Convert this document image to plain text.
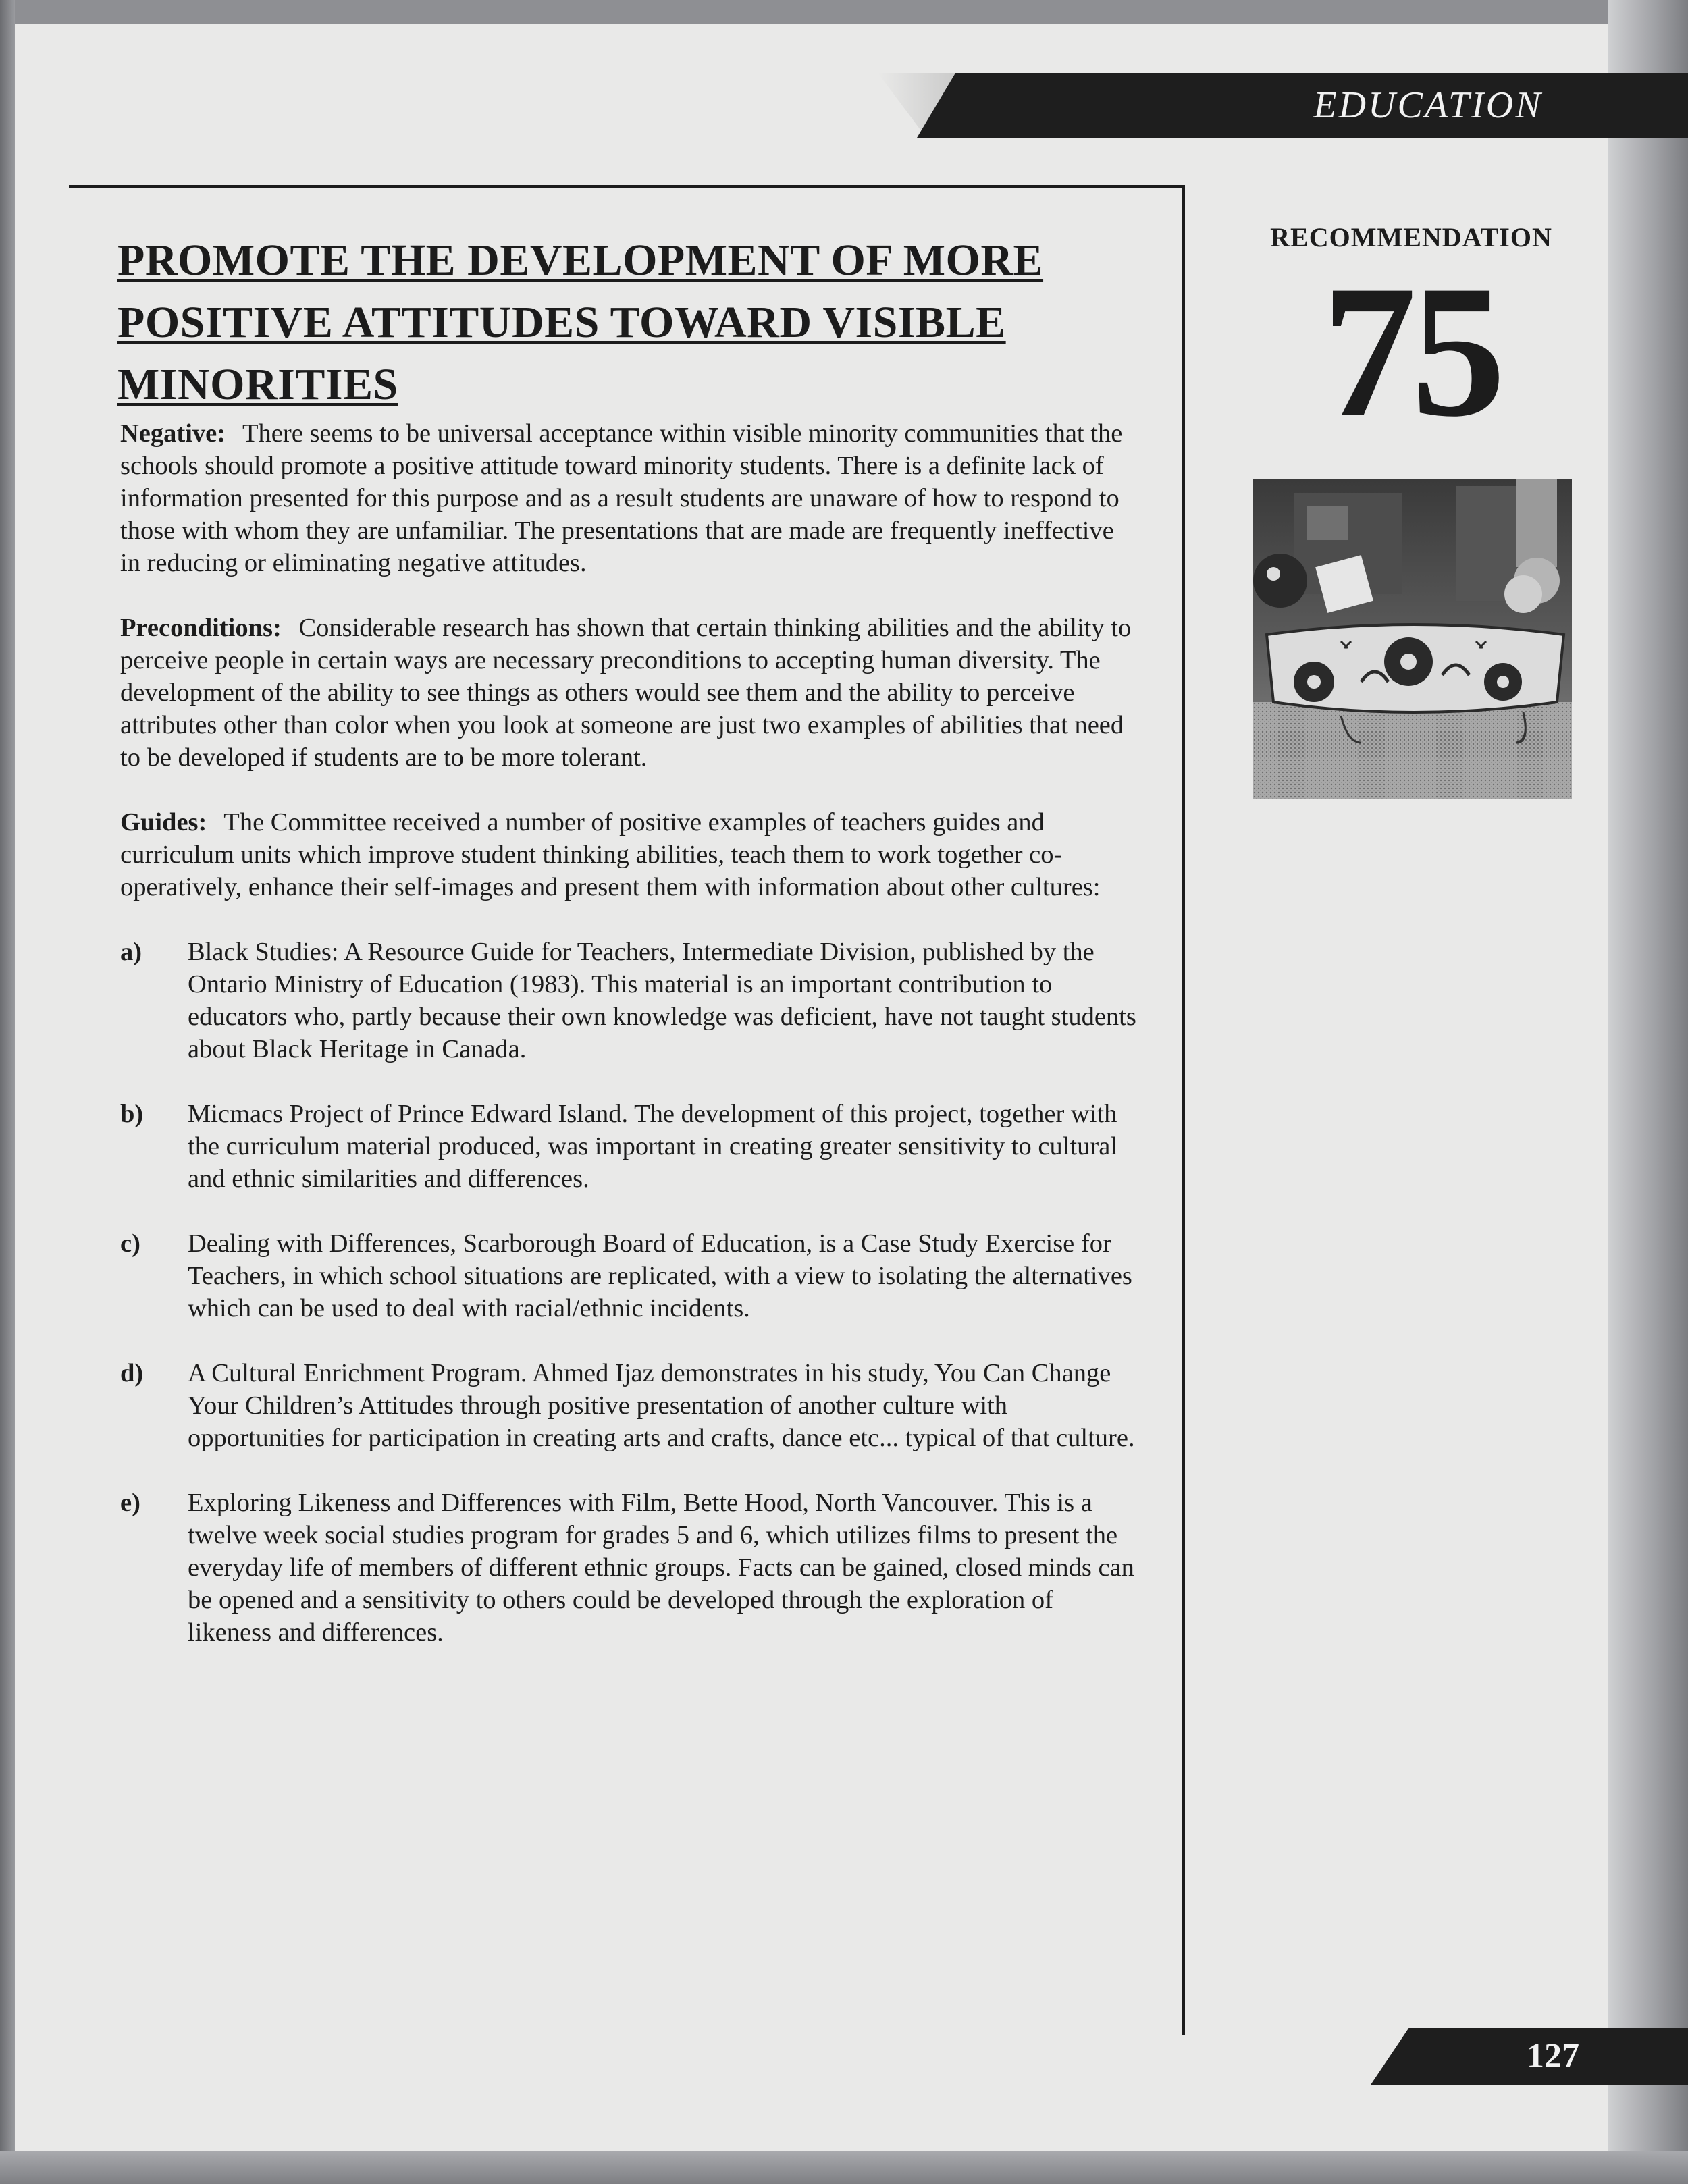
EDUCATION
PROMOTE THE DEVELOPMENT OF MORE
POSITIVE ATTITUDES TOWARD VISIBLE
MINORITIES

Negative: There seems to be universal acceptance within visible minority communities that the schools should promote a positive attitude toward minority students. There is a definite lack of information presented for this purpose and as a result students are unaware of how to respond to those with whom they are unfamiliar. The presentations that are made are frequently ineffective in reducing or eliminating negative attitudes.

Preconditions: Considerable research has shown that certain thinking abilities and the ability to perceive people in certain ways are necessary preconditions to accepting human diversity. The development of the ability to see things as others would see them and the ability to perceive attributes other than color when you look at someone are just two examples of abilities that need to be developed if students are to be more tolerant.

Guides: The Committee received a number of positive examples of teachers guides and curriculum units which improve student thinking abilities, teach them to work together co-operatively, enhance their self-images and present them with information about other cultures:

a) Black Studies: A Resource Guide for Teachers, Intermediate Division, published by the Ontario Ministry of Education (1983). This material is an important contribution to educators who, partly because their own knowledge was deficient, have not taught students about Black Heritage in Canada.
b) Micmacs Project of Prince Edward Island. The development of this project, together with the curriculum material produced, was important in creating greater sensitivity to cultural and ethnic similarities and differences.
c) Dealing with Differences, Scarborough Board of Education, is a Case Study Exercise for Teachers, in which school situations are replicated, with a view to isolating the alternatives which can be used to deal with racial/ethnic incidents.
d) A Cultural Enrichment Program. Ahmed Ijaz demonstrates in his study, You Can Change Your Children’s Attitudes through positive presentation of another culture with opportunities for participation in creating arts and crafts, dance etc... typical of that culture.
e) Exploring Likeness and Differences with Film, Bette Hood, North Vancouver. This is a twelve week social studies program for grades 5 and 6, which utilizes films to present the everyday life of members of different ethnic groups. Facts can be gained, closed minds can be opened and a sensitivity to others could be developed through the exploration of likeness and differences.
RECOMMENDATION
75
127
